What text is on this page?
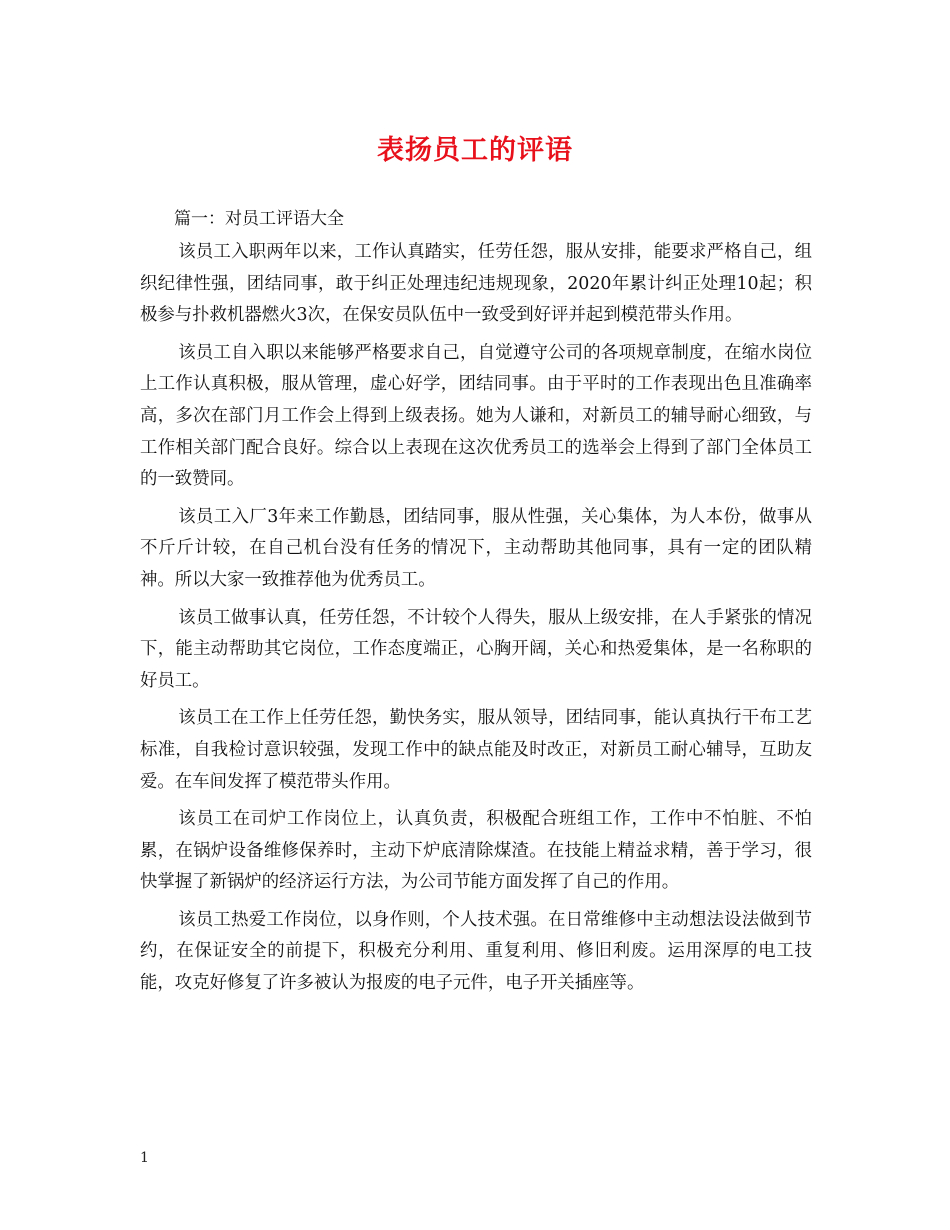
表扬员工的评语

篇一：对员工评语大全

该员工入职两年以来，工作认真踏实，任劳任怨，服从安排，能要求严格自己，组织纪律性强，团结同事，敢于纠正处理违纪违规现象，2020年累计纠正处理10起；积极参与扑救机器燃火3次，在保安员队伍中一致受到好评并起到模范带头作用。

该员工自入职以来能够严格要求自己，自觉遵守公司的各项规章制度，在缩水岗位上工作认真积极，服从管理，虚心好学，团结同事。由于平时的工作表现出色且准确率高，多次在部门月工作会上得到上级表扬。她为人谦和，对新员工的辅导耐心细致，与工作相关部门配合良好。综合以上表现在这次优秀员工的选举会上得到了部门全体员工的一致赞同。

该员工入厂3年来工作勤恳，团结同事，服从性强，关心集体，为人本份，做事从不斤斤计较，在自己机台没有任务的情况下，主动帮助其他同事，具有一定的团队精神。所以大家一致推荐他为优秀员工。

该员工做事认真，任劳任怨，不计较个人得失，服从上级安排，在人手紧张的情况下，能主动帮助其它岗位，工作态度端正，心胸开阔，关心和热爱集体，是一名称职的好员工。

该员工在工作上任劳任怨，勤快务实，服从领导，团结同事，能认真执行干布工艺标准，自我检讨意识较强，发现工作中的缺点能及时改正，对新员工耐心辅导，互助友爱。在车间发挥了模范带头作用。

该员工在司炉工作岗位上，认真负责，积极配合班组工作，工作中不怕脏、不怕累，在锅炉设备维修保养时，主动下炉底清除煤渣。在技能上精益求精，善于学习，很快掌握了新锅炉的经济运行方法，为公司节能方面发挥了自己的作用。

该员工热爱工作岗位，以身作则，个人技术强。在日常维修中主动想法设法做到节约，在保证安全的前提下，积极充分利用、重复利用、修旧利废。运用深厚的电工技能，攻克好修复了许多被认为报废的电子元件，电子开关插座等。

1
